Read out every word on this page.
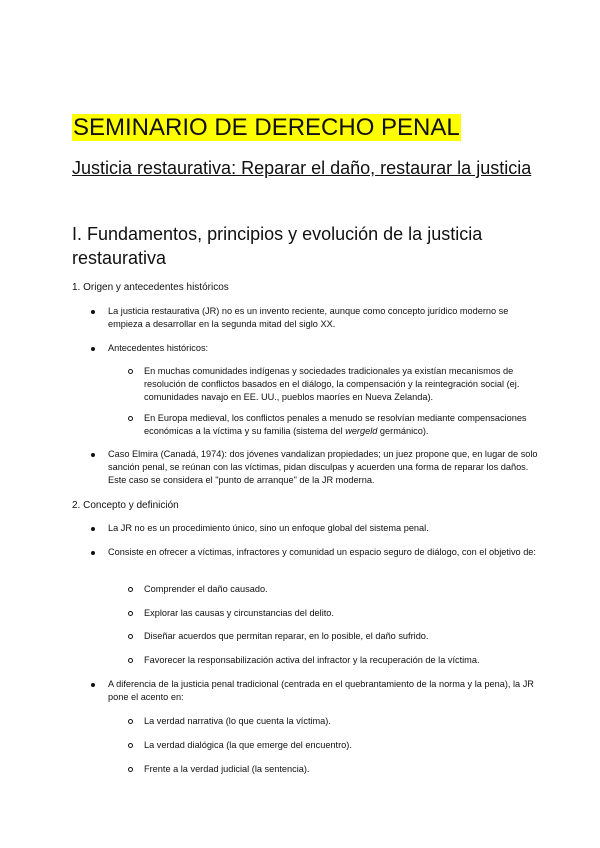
SEMINARIO DE DERECHO PENAL
Justicia restaurativa: Reparar el daño, restaurar la justicia
I. Fundamentos, principios y evolución de la justicia restaurativa
1. Origen y antecedentes históricos

La justicia restaurativa (JR) no es un invento reciente, aunque como concepto jurídico moderno se empieza a desarrollar en la segunda mitad del siglo XX.

Antecedentes históricos:

En muchas comunidades indígenas y sociedades tradicionales ya existían mecanismos de resolución de conflictos basados en el diálogo, la compensación y la reintegración social (ej. comunidades navajo en EE. UU., pueblos maoríes en Nueva Zelanda).

En Europa medieval, los conflictos penales a menudo se resolvían mediante compensaciones económicas a la víctima y su familia (sistema del wergeld germánico).

Caso Elmira (Canadá, 1974): dos jóvenes vandalizan propiedades; un juez propone que, en lugar de solo sanción penal, se reúnan con las víctimas, pidan disculpas y acuerden una forma de reparar los daños. Este caso se considera el "punto de arranque" de la JR moderna.

2. Concepto y definición

La JR no es un procedimiento único, sino un enfoque global del sistema penal.

Consiste en ofrecer a víctimas, infractores y comunidad un espacio seguro de diálogo, con el objetivo de:

Comprender el daño causado.

Explorar las causas y circunstancias del delito.

Diseñar acuerdos que permitan reparar, en lo posible, el daño sufrido.

Favorecer la responsabilización activa del infractor y la recuperación de la víctima.

A diferencia de la justicia penal tradicional (centrada en el quebrantamiento de la norma y la pena), la JR pone el acento en:

La verdad narrativa (lo que cuenta la víctima).

La verdad dialógica (la que emerge del encuentro).

Frente a la verdad judicial (la sentencia).
